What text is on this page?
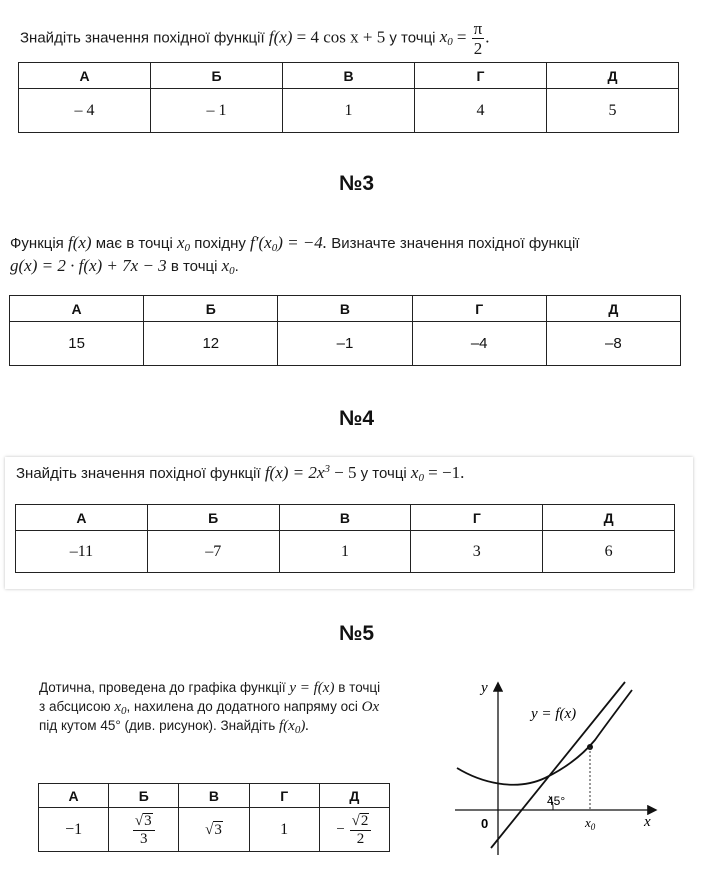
Знайдіть значення похідної функції f(x) = 4 cos x + 5 у точці $x_0 = \frac{\pi}{2}$ .
А	Б	В	Г	Д
– 4	– 1	1	4	5
№3
Функція f(x) має в точці $x_0$ похідну $f'(x_0) = -4$. Визначте значення похідної функції
g(x) = 2 · f(x) + 7x − 3 в точці $x_0$.
А	Б	В	Г	Д
15	12	–1	–4	–8
№4
Знайдіть значення похідної функції $f(x) = 2x^3 - 5$ у точці $x_0 = -1$.
А	Б	В	Г	Д
–11	–7	1	3	6
№5
Дотична, проведена до графіка функції y = f(x) в точці
з абсцисою $x_0$, нахилена до додатного напряму осі Ox
під кутом 45° (див. рисунок). Знайдіть $f(x_0)$.
А	Б	В	Г	Д
−1	$\frac{√3}{3}$	√3	1	− $\frac{√2}{2}$
y
x
0
y = f(x)
45°
$x_0$
